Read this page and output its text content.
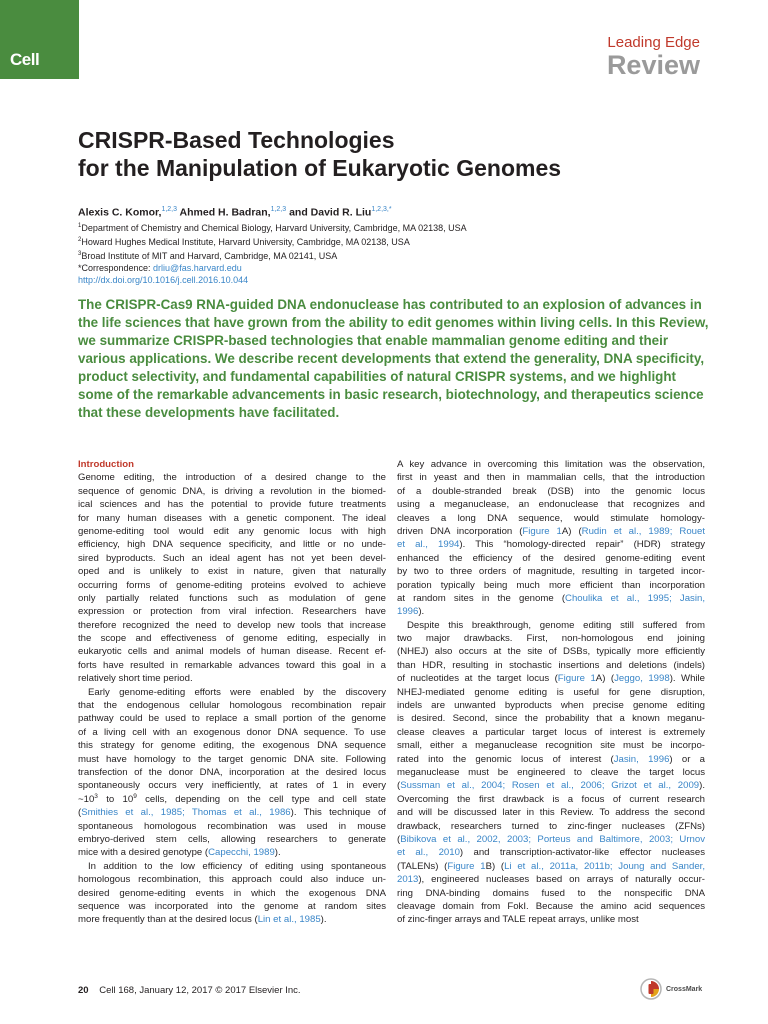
Cell
Leading Edge
Review
CRISPR-Based Technologies
for the Manipulation of Eukaryotic Genomes
Alexis C. Komor,$^{1,2,3}$ Ahmed H. Badran,$^{1,2,3}$ and David R. Liu$^{1,2,3,*}$
$^1$Department of Chemistry and Chemical Biology, Harvard University, Cambridge, MA 02138, USA
$^2$Howard Hughes Medical Institute, Harvard University, Cambridge, MA 02138, USA
$^3$Broad Institute of MIT and Harvard, Cambridge, MA 02141, USA
*Correspondence: drliu@fas.harvard.edu
http://dx.doi.org/10.1016/j.cell.2016.10.044
The CRISPR-Cas9 RNA-guided DNA endonuclease has contributed to an explosion of advances in
the life sciences that have grown from the ability to edit genomes within living cells. In this Review,
we summarize CRISPR-based technologies that enable mammalian genome editing and their
various applications. We describe recent developments that extend the generality, DNA specificity,
product selectivity, and fundamental capabilities of natural CRISPR systems, and we highlight
some of the remarkable advancements in basic research, biotechnology, and therapeutics science
that these developments have facilitated.
Introduction
Genome editing, the introduction of a desired change to the
sequence of genomic DNA, is driving a revolution in the biomed-
ical sciences and has the potential to provide future treatments
for many human diseases with a genetic component. The ideal
genome-editing tool would edit any genomic locus with high
efficiency, high DNA sequence specificity, and little or no unde-
sired byproducts. Such an ideal agent has not yet been devel-
oped and is unlikely to exist in nature, given that naturally
occurring forms of genome-editing proteins evolved to achieve
only partially related functions such as modulation of gene
expression or protection from viral infection. Researchers have
therefore recognized the need to develop new tools that increase
the scope and effectiveness of genome editing, especially in
eukaryotic cells and animal models of human disease. Recent ef-
forts have resulted in remarkable advances toward this goal in a
relatively short time period.
Early genome-editing efforts were enabled by the discovery
that the endogenous cellular homologous recombination repair
pathway could be used to replace a small portion of the genome
of a living cell with an exogenous donor DNA sequence. To use
this strategy for genome editing, the exogenous DNA sequence
must have homology to the target genomic DNA site. Following
transfection of the donor DNA, incorporation at the desired locus
spontaneously occurs very inefficiently, at rates of 1 in every
$\sim 10^3$ to $10^9$ cells, depending on the cell type and cell state
(Smithies et al., 1985; Thomas et al., 1986). This technique of
spontaneous homologous recombination was used in mouse
embryo-derived stem cells, allowing researchers to generate
mice with a desired genotype (Capecchi, 1989).
In addition to the low efficiency of editing using spontaneous
homologous recombination, this approach could also induce un-
desired genome-editing events in which the exogenous DNA
sequence was incorporated into the genome at random sites
more frequently than at the desired locus (Lin et al., 1985).
A key advance in overcoming this limitation was the observation,
first in yeast and then in mammalian cells, that the introduction
of a double-stranded break (DSB) into the genomic locus
using a meganuclease, an endonuclease that recognizes and
cleaves a long DNA sequence, would stimulate homology-
driven DNA incorporation (Figure 1A) (Rudin et al., 1989; Rouet
et al., 1994). This “homology-directed repair” (HDR) strategy
enhanced the efficiency of the desired genome-editing event
by two to three orders of magnitude, resulting in targeted incor-
poration typically being much more efficient than incorporation
at random sites in the genome (Choulika et al., 1995; Jasin,
1996).
Despite this breakthrough, genome editing still suffered from
two major drawbacks. First, non-homologous end joining
(NHEJ) also occurs at the site of DSBs, typically more efficiently
than HDR, resulting in stochastic insertions and deletions (indels)
of nucleotides at the target locus (Figure 1A) (Jeggo, 1998). While
NHEJ-mediated genome editing is useful for gene disruption,
indels are unwanted byproducts when precise genome editing
is desired. Second, since the probability that a known meganu-
clease cleaves a particular target locus of interest is extremely
small, either a meganuclease recognition site must be incorpo-
rated into the genomic locus of interest (Jasin, 1996) or a
meganuclease must be engineered to cleave the target locus
(Sussman et al., 2004; Rosen et al., 2006; Grizot et al., 2009).
Overcoming the first drawback is a focus of current research
and will be discussed later in this Review. To address the second
drawback, researchers turned to zinc-finger nucleases (ZFNs)
(Bibikova et al., 2002, 2003; Porteus and Baltimore, 2003; Urnov
et al., 2010) and transcription-activator-like effector nucleases
(TALENs) (Figure 1B) (Li et al., 2011a, 2011b; Joung and Sander,
2013), engineered nucleases based on arrays of naturally occur-
ring DNA-binding domains fused to the nonspecific DNA
cleavage domain from FokI. Because the amino acid sequences
of zinc-finger arrays and TALE repeat arrays, unlike most
20 Cell 168, January 12, 2017 © 2017 Elsevier Inc.	CrossMark
